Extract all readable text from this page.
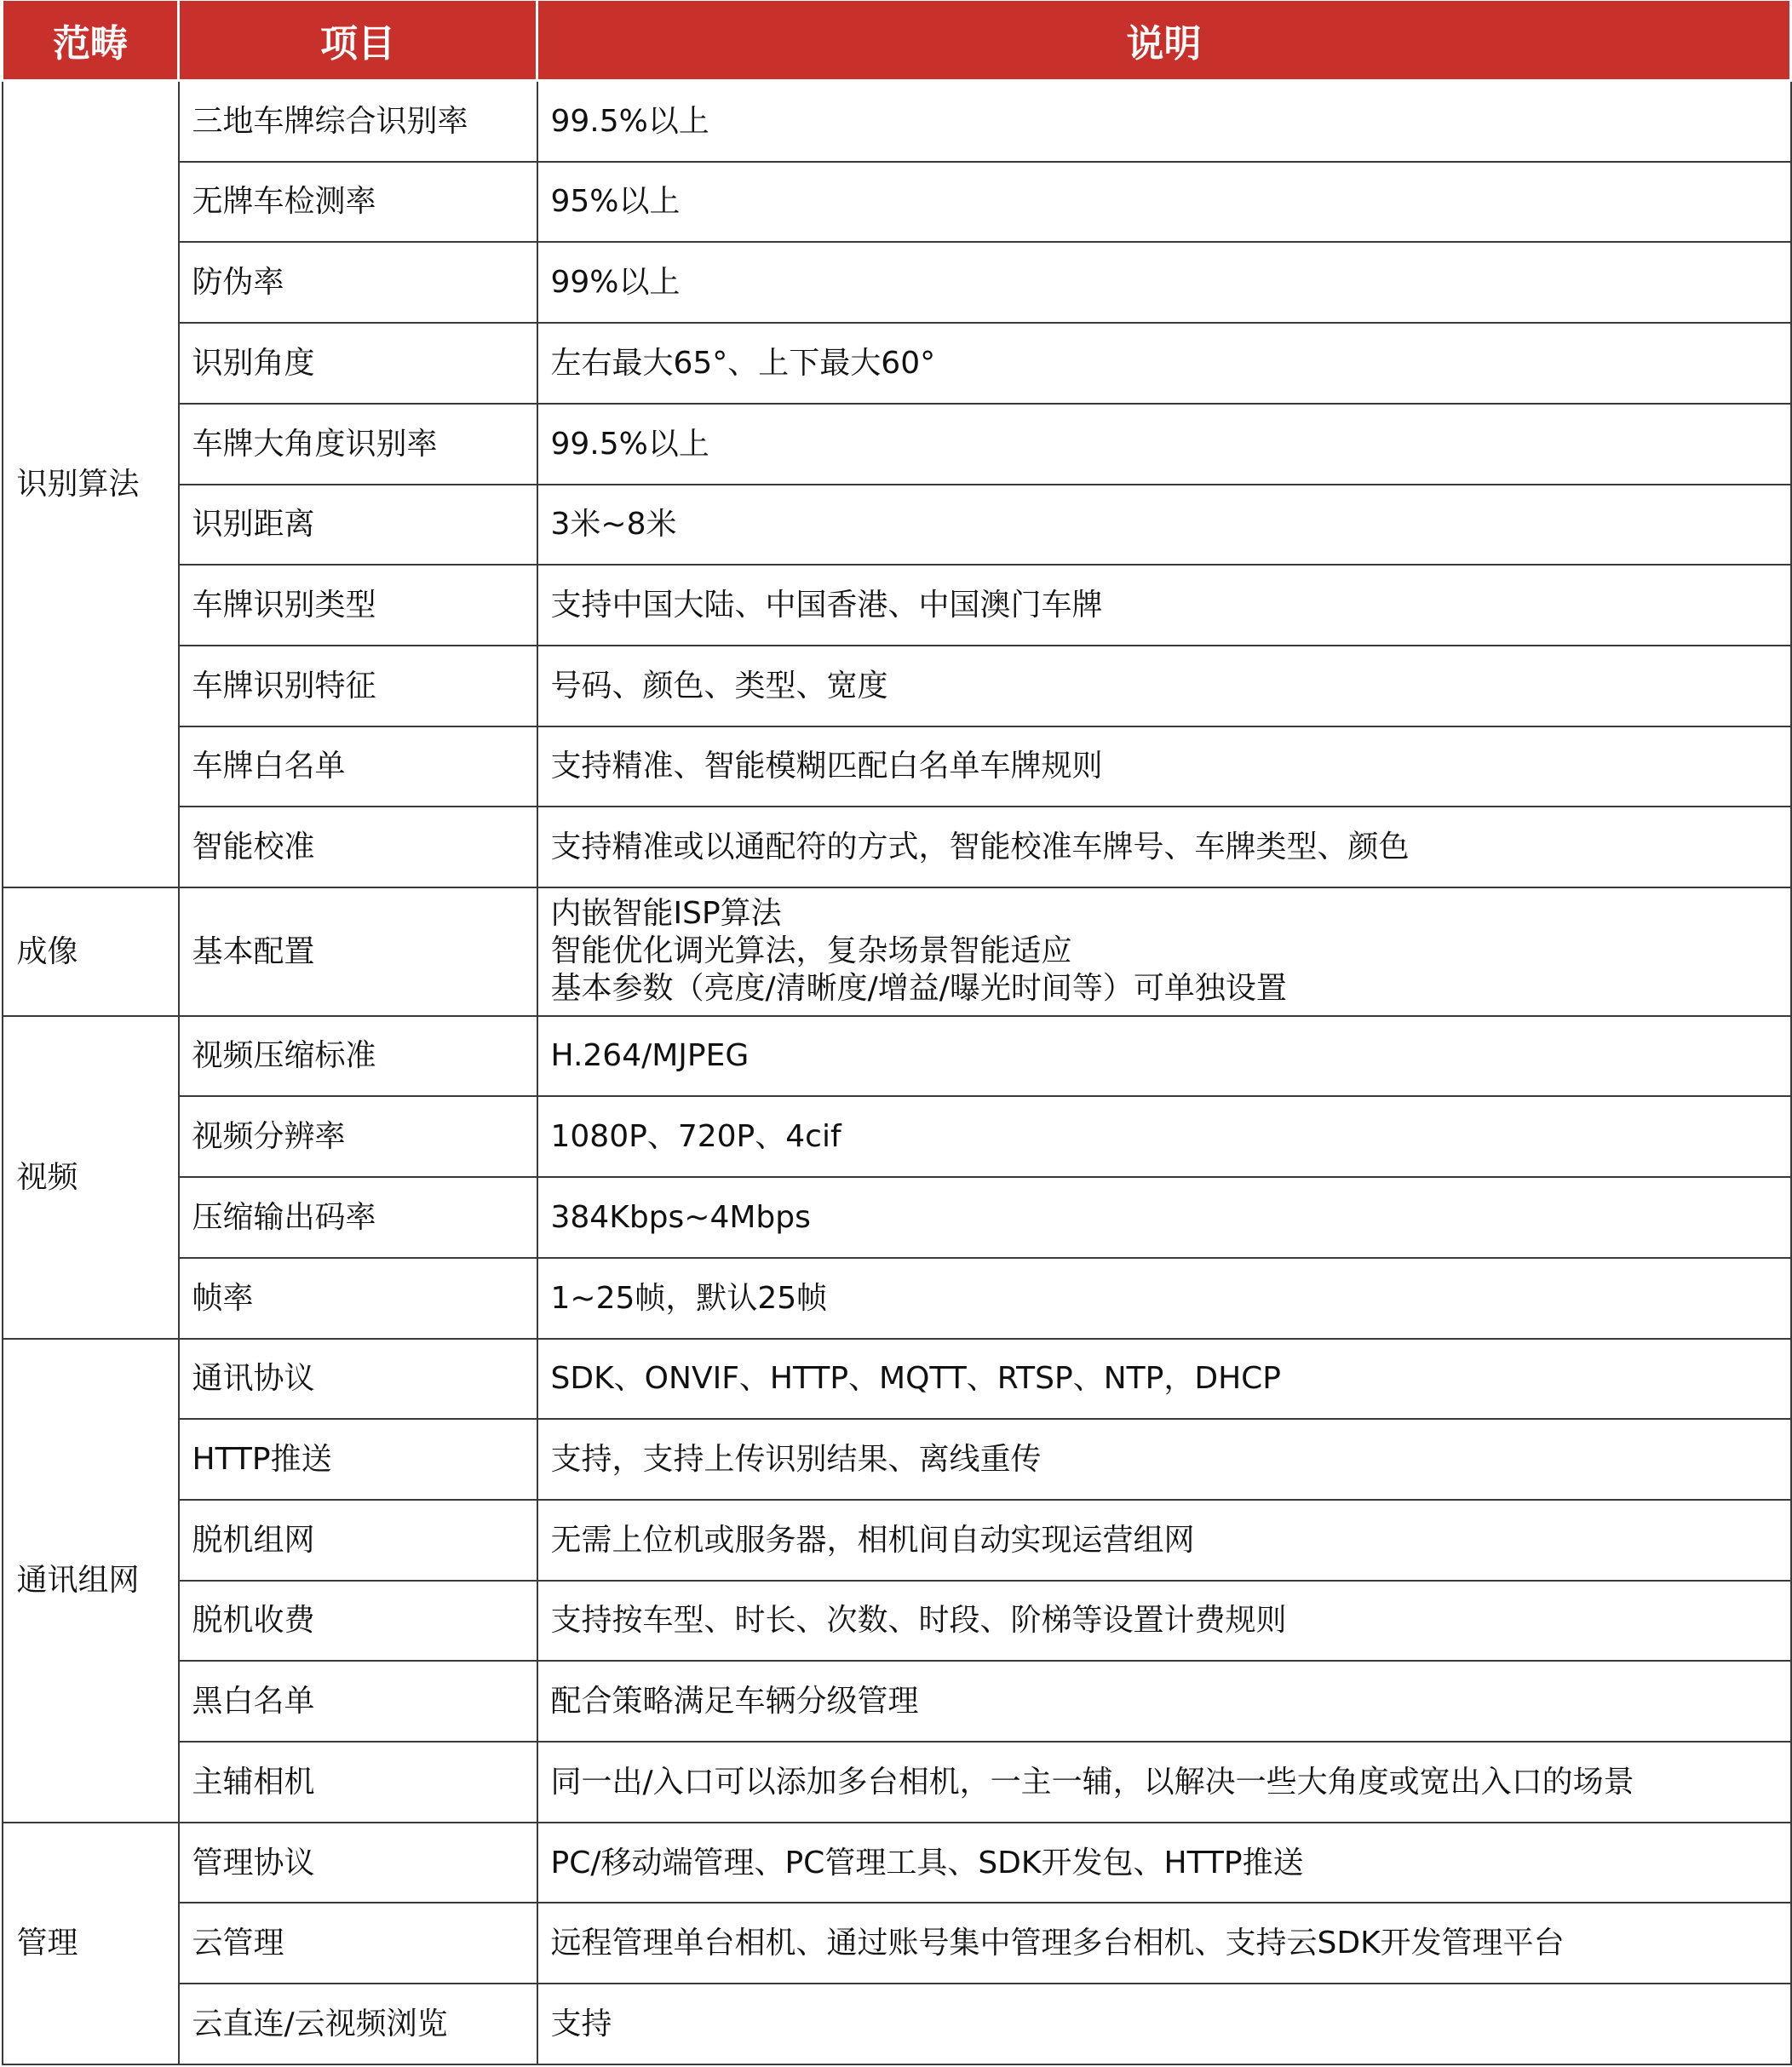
范畴	项目	说明
识别算法	三地车牌综合识别率	99.5%以上
	无牌车检测率	95%以上
	防伪率	99%以上
	识别角度	左右最大65°、上下最大60°
	车牌大角度识别率	99.5%以上
	识别距离	3米~8米
	车牌识别类型	支持中国大陆、中国香港、中国澳门车牌
	车牌识别特征	号码、颜色、类型、宽度
	车牌白名单	支持精准、智能模糊匹配白名单车牌规则
	智能校准	支持精准或以通配符的方式，智能校准车牌号、车牌类型、颜色
成像	基本配置	内嵌智能ISP算法
智能优化调光算法，复杂场景智能适应
基本参数（亮度/清晰度/增益/曝光时间等）可单独设置

视频	视频压缩标准	H.264/MJPEG
	视频分辨率	1080P、720P、4cif
	压缩输出码率	384Kbps~4Mbps
	帧率	1~25帧，默认25帧
通讯组网	通讯协议	SDK、ONVIF、HTTP、MQTT、RTSP、NTP，DHCP
	HTTP推送	支持，支持上传识别结果、离线重传
	脱机组网	无需上位机或服务器，相机间自动实现运营组网
	脱机收费	支持按车型、时长、次数、时段、阶梯等设置计费规则
	黑白名单	配合策略满足车辆分级管理
	主辅相机	同一出/入口可以添加多台相机，一主一辅，以解决一些大角度或宽出入口的场景
管理	管理协议	PC/移动端管理、PC管理工具、SDK开发包、HTTP推送
	云管理	远程管理单台相机、通过账号集中管理多台相机、支持云SDK开发管理平台
	云直连/云视频浏览	支持
